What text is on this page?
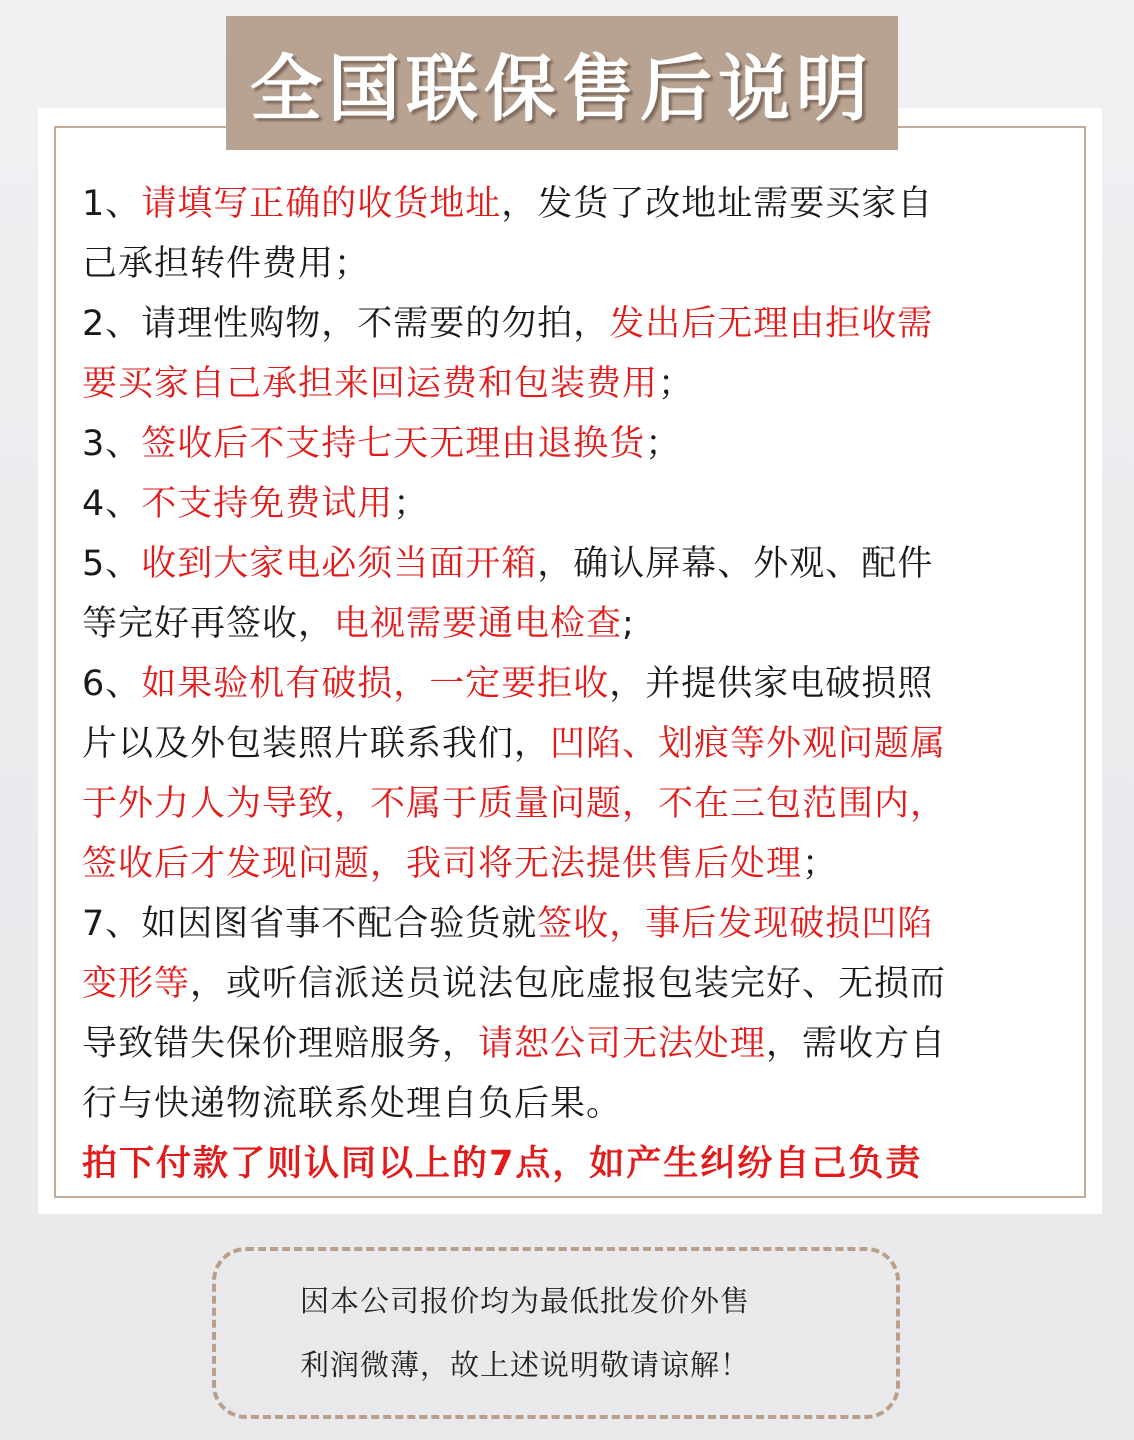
全国联保售后说明
1、请填写正确的收货地址，发货了改地址需要买家自
己承担转件费用；
2、请理性购物，不需要的勿拍，发出后无理由拒收需
要买家自己承担来回运费和包装费用；
3、签收后不支持七天无理由退换货；
4、不支持免费试用；
5、收到大家电必须当面开箱，确认屏幕、外观、配件
等完好再签收，电视需要通电检查;
6、如果验机有破损，一定要拒收，并提供家电破损照
片以及外包装照片联系我们，凹陷、划痕等外观问题属
于外力人为导致，不属于质量问题，不在三包范围内，
签收后才发现问题，我司将无法提供售后处理；
7、如因图省事不配合验货就签收，事后发现破损凹陷
变形等，或听信派送员说法包庇虚报包装完好、无损而
导致错失保价理赔服务，请恕公司无法处理，需收方自
行与快递物流联系处理自负后果。
拍下付款了则认同以上的7点，如产生纠纷自己负责
因本公司报价均为最低批发价外售
利润微薄，故上述说明敬请谅解！
